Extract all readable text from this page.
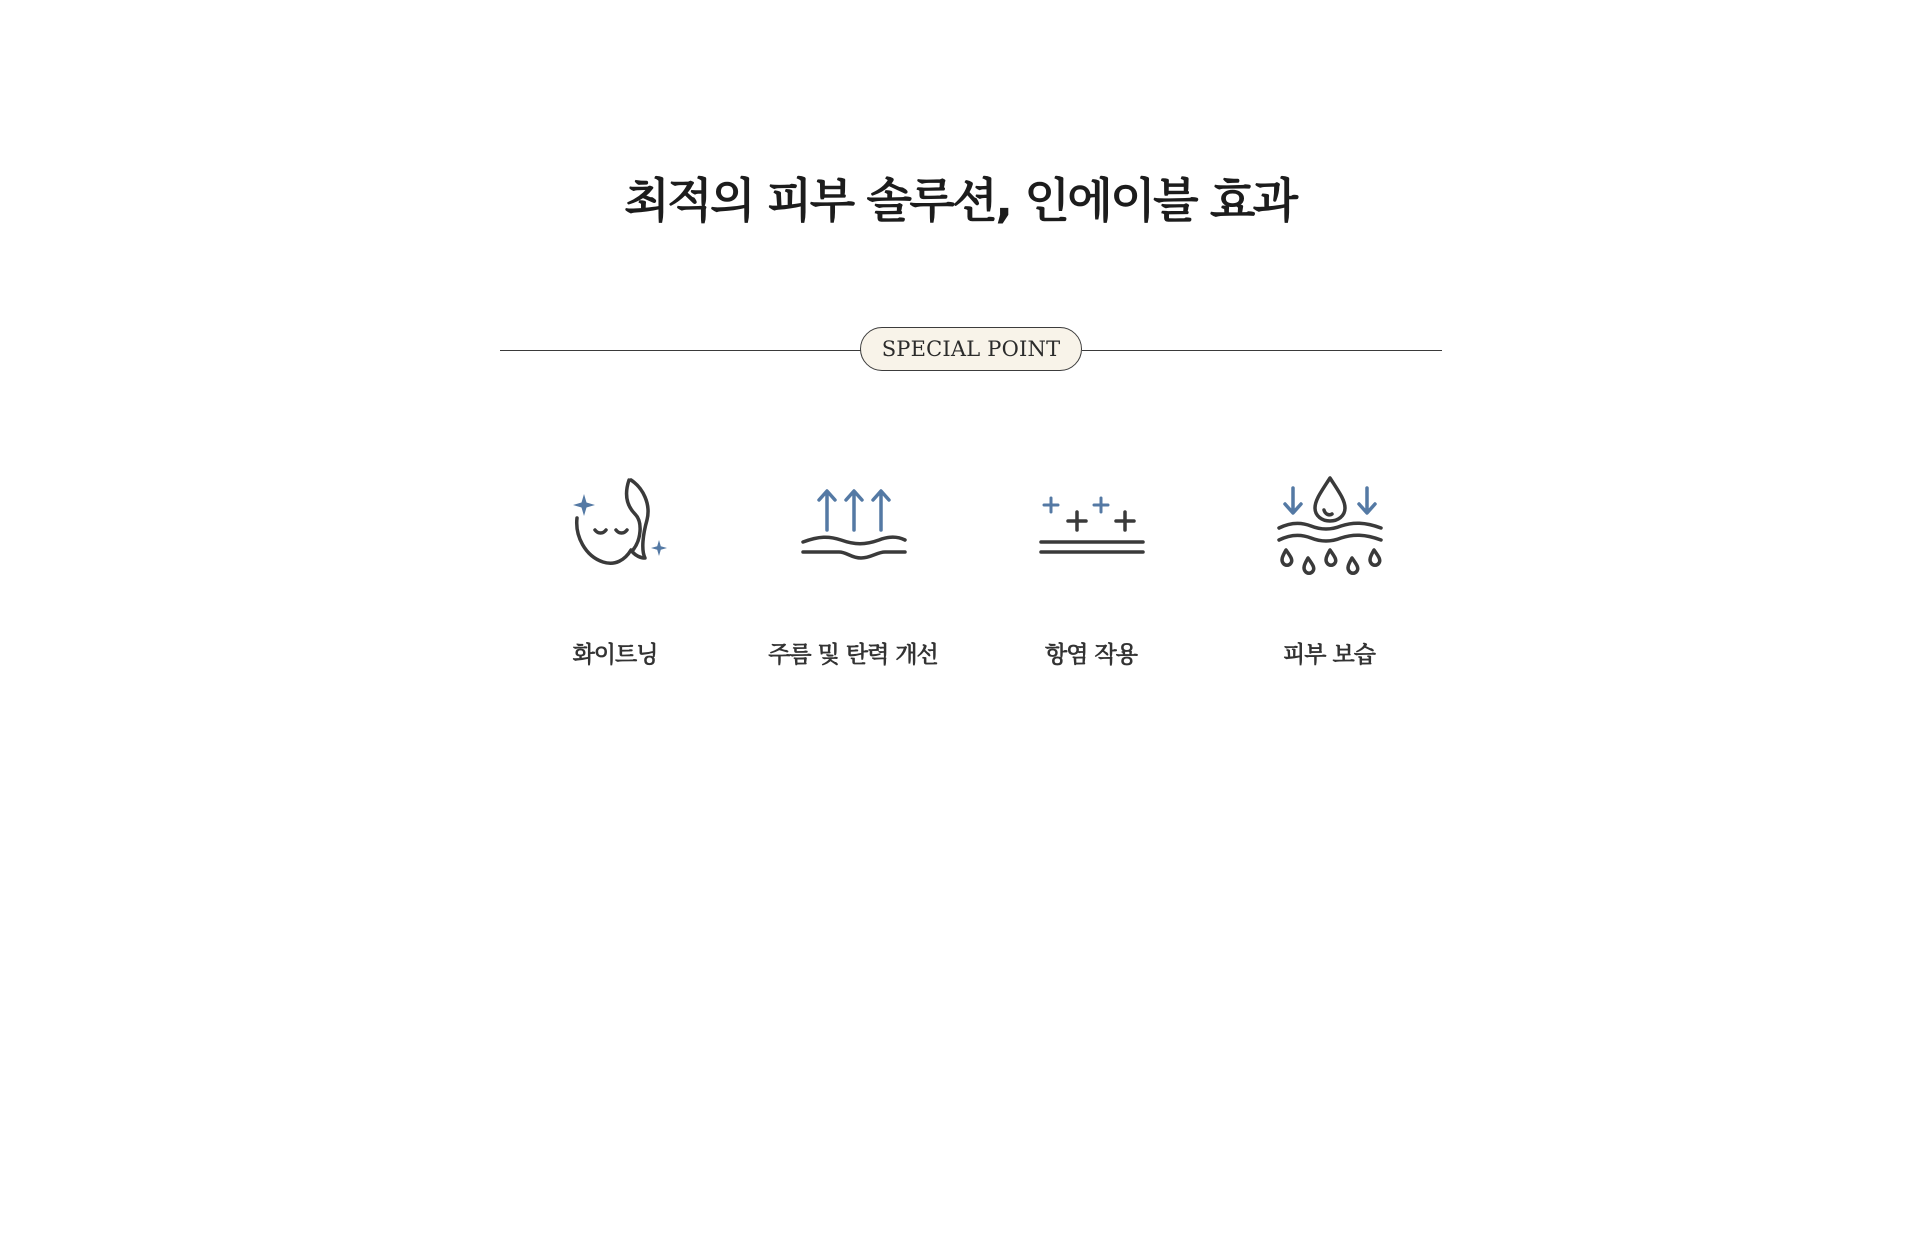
최적의 피부 솔루션, 인에이블 효과
SPECIAL POINT
화이트닝	주름 및 탄력 개선	항염 작용	피부 보습
